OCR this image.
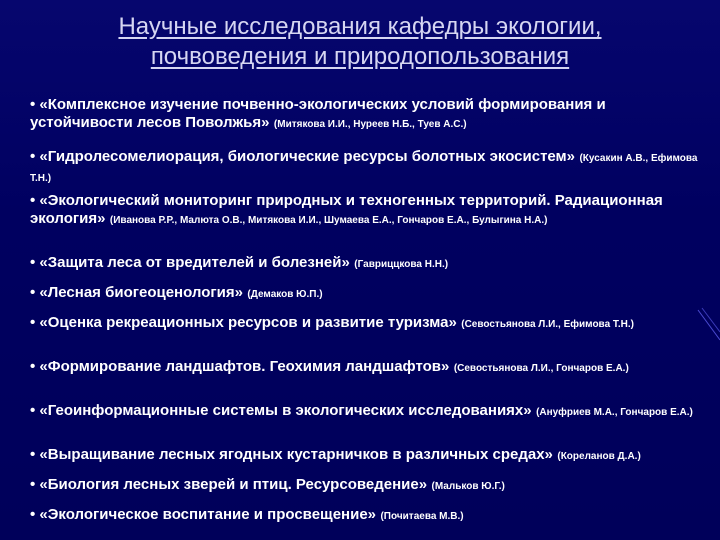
Научные исследования кафедры экологии,
почвоведения и природопользования
• «Комплексное изучение почвенно-экологических условий формирования и устойчивости лесов Поволжья» (Митякова И.И., Нуреев Н.Б., Туев А.С.)
• «Гидролесомелиорация, биологические ресурсы болотных экосистем» (Кусакин А.В., Ефимова Т.Н.)
• «Экологический мониторинг природных и техногенных территорий. Радиационная экология» (Иванова Р.Р., Малюта О.В., Митякова И.И., Шумаева Е.А., Гончаров Е.А., Булыгина Н.А.)
• «Защита леса от вредителей и болезней» (Гавриццкова Н.Н.)
• «Лесная биогеоценология» (Демаков Ю.П.)
• «Оценка рекреационных ресурсов и развитие туризма» (Севостьянова Л.И., Ефимова Т.Н.)
• «Формирование ландшафтов. Геохимия ландшафтов» (Севостьянова Л.И., Гончаров Е.А.)
• «Геоинформационные системы в экологических исследованиях» (Ануфриев М.А., Гончаров Е.А.)
• «Выращивание лесных ягодных кустарничков в различных средах» (Кореланов Д.А.)
• «Биология лесных зверей и птиц. Ресурсоведение» (Мальков Ю.Г.)
• «Экологическое воспитание и просвещение» (Почитаева М.В.)
